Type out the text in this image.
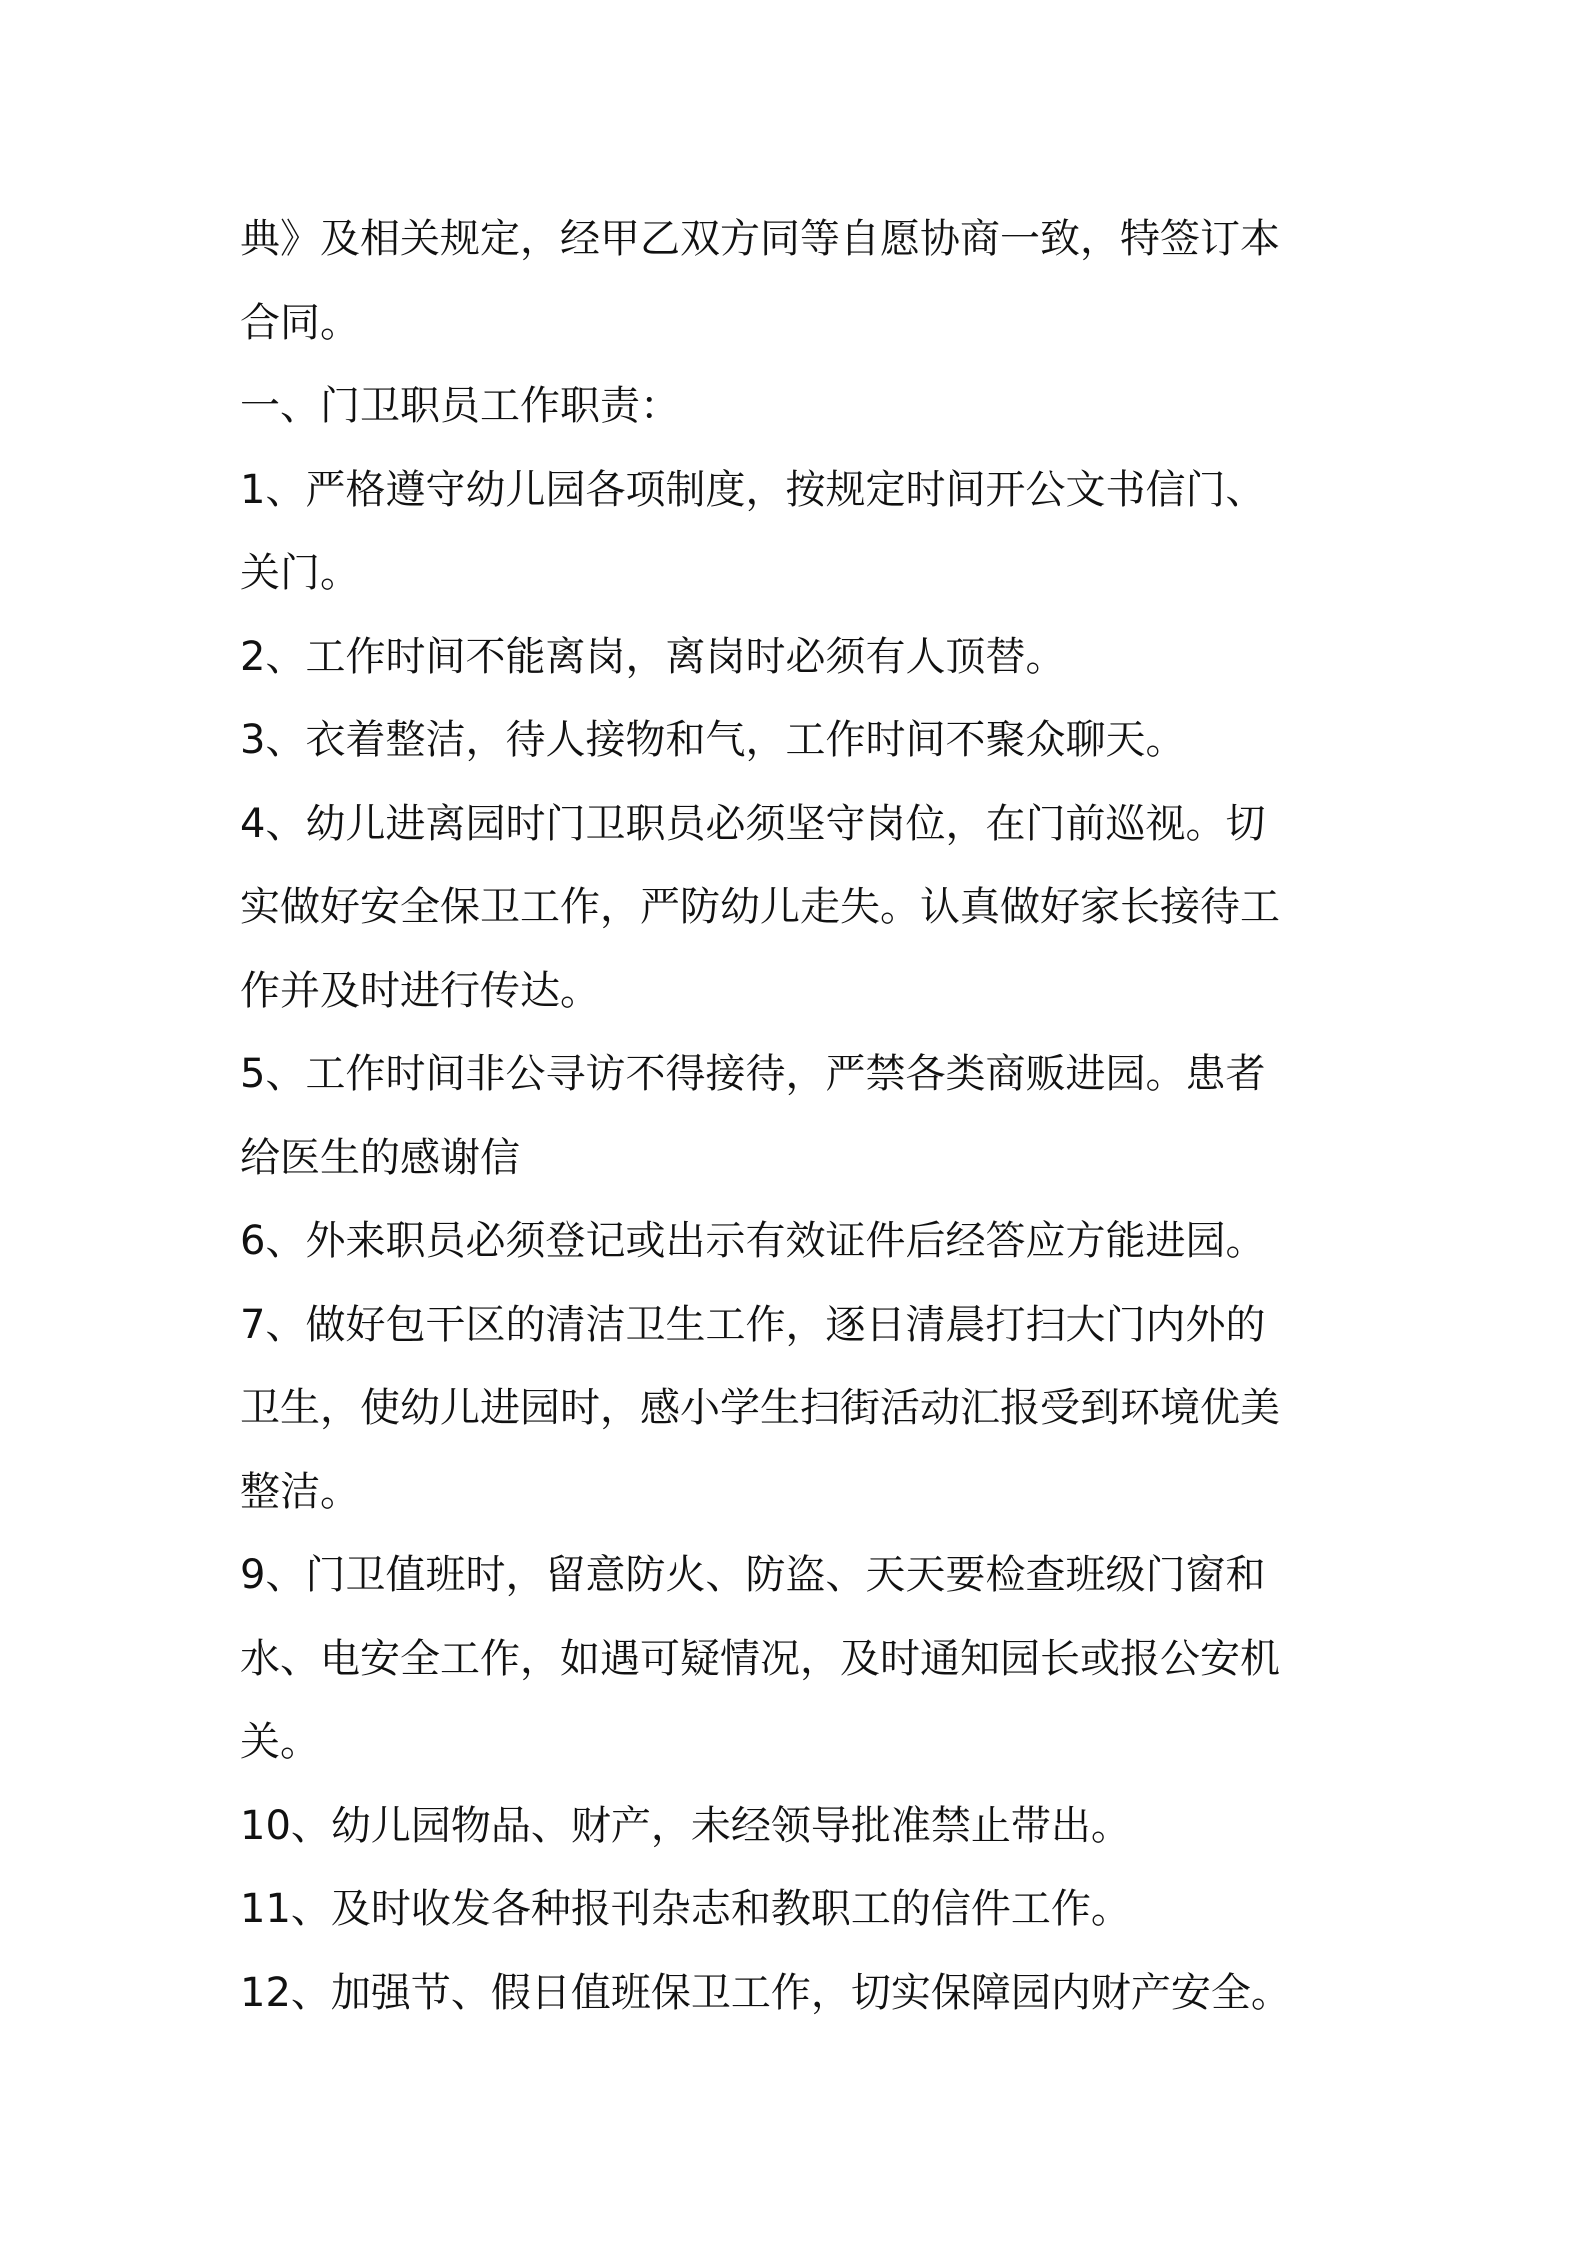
典》及相关规定，经甲乙双方同等自愿协商一致，特签订本
合同。
一、门卫职员工作职责：
1、严格遵守幼儿园各项制度，按规定时间开公文书信门、
关门。
2、工作时间不能离岗，离岗时必须有人顶替。
3、衣着整洁，待人接物和气，工作时间不聚众聊天。
4、幼儿进离园时门卫职员必须坚守岗位，在门前巡视。切
实做好安全保卫工作，严防幼儿走失。认真做好家长接待工
作并及时进行传达。
5、工作时间非公寻访不得接待，严禁各类商贩进园。患者
给医生的感谢信
6、外来职员必须登记或出示有效证件后经答应方能进园。
7、做好包干区的清洁卫生工作，逐日清晨打扫大门内外的
卫生，使幼儿进园时，感小学生扫街活动汇报受到环境优美
整洁。
9、门卫值班时，留意防火、防盗、天天要检查班级门窗和
水、电安全工作，如遇可疑情况，及时通知园长或报公安机
关。
10、幼儿园物品、财产，未经领导批准禁止带出。
11、及时收发各种报刊杂志和教职工的信件工作。
12、加强节、假日值班保卫工作，切实保障园内财产安全。
